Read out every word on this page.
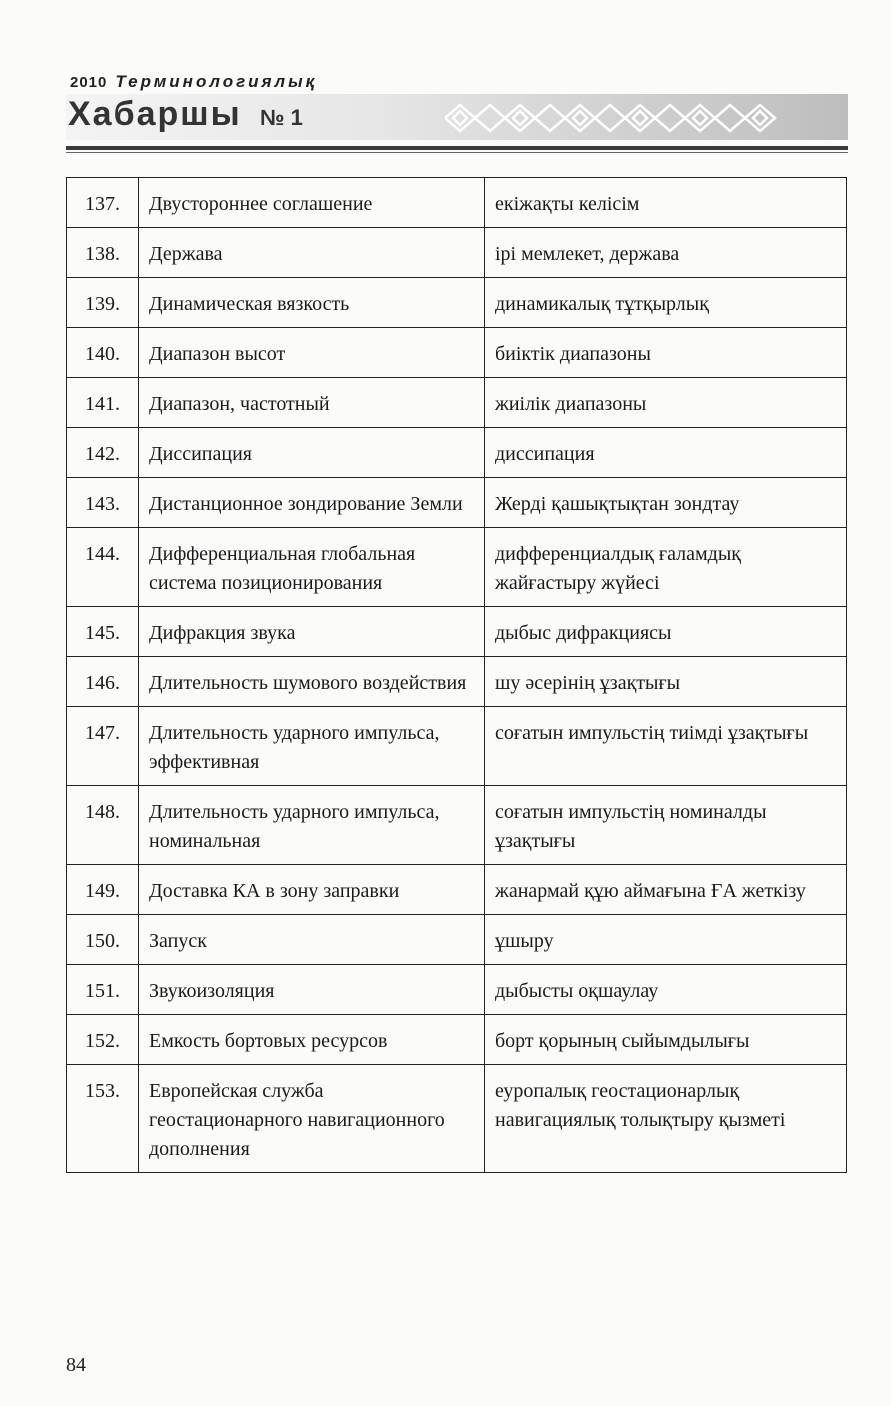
2010 Терминологиялық
Хабаршы № 1
137.	Двустороннее соглашение	екіжақты келісім
138.	Держава	ірі мемлекет, держава
139.	Динамическая вязкость	динамикалық тұтқырлық
140.	Диапазон высот	биіктік диапазоны
141.	Диапазон, частотный	жиілік диапазоны
142.	Диссипация	диссипация
143.	Дистанционное зондирование Земли	Жерді қашықтықтан зондтау
144.	Дифференциальная глобальная система позиционирования	дифференциалдық ғаламдық жайғастыру жүйесі
145.	Дифракция звука	дыбыс дифракциясы
146.	Длительность шумового воздействия	шу әсерінің ұзақтығы
147.	Длительность ударного импульса, эффективная	соғатын импульстің тиімді ұзақтығы
148.	Длительность ударного импульса, номинальная	соғатын импульстің номиналды ұзақтығы
149.	Доставка КА в зону заправки	жанармай құю аймағына ҒА жеткізу
150.	Запуск	ұшыру
151.	Звукоизоляция	дыбысты оқшаулау
152.	Емкость бортовых ресурсов	борт қорының сыйымдылығы
153.	Европейская служба геостационарного навигационного дополнения	еуропалық геостационарлық навигациялық толықтыру қызметі
84
